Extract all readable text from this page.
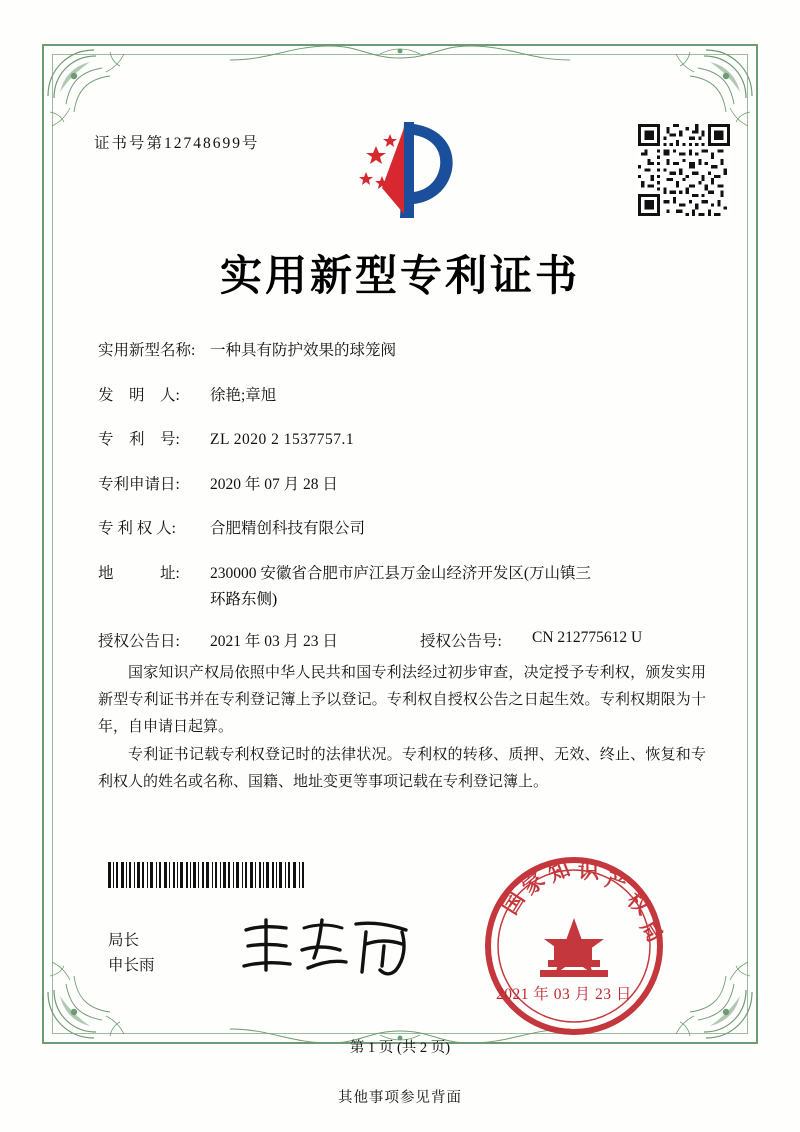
证书号第12748699号
实用新型专利证书
实用新型名称: 一种具有防护效果的球笼阀
发　明　人:	徐艳;章旭
专　利　号:	ZL 2020 2 1537757.1
专利申请日:	2020 年 07 月 28 日
专 利 权 人:	合肥精创科技有限公司
地　　　址:	230000 安徽省合肥市庐江县万金山经济开发区(万山镇三
环路东侧)
授权公告日:	2021 年 03 月 23 日	授权公告号:	CN 212775612 U

国家知识产权局依照中华人民共和国专利法经过初步审查，决定授予专利权，颁发实用新型专利证书并在专利登记簿上予以登记。专利权自授权公告之日起生效。专利权期限为十年，自申请日起算。

专利证书记载专利权登记时的法律状况。专利权的转移、质押、无效、终止、恢复和专利权人的姓名或名称、国籍、地址变更等事项记载在专利登记簿上。

局长
申长雨
国
家
知 识 产
权
局
2021 年 03 月 23 日
第 1 页 (共 2 页)
其他事项参见背面
